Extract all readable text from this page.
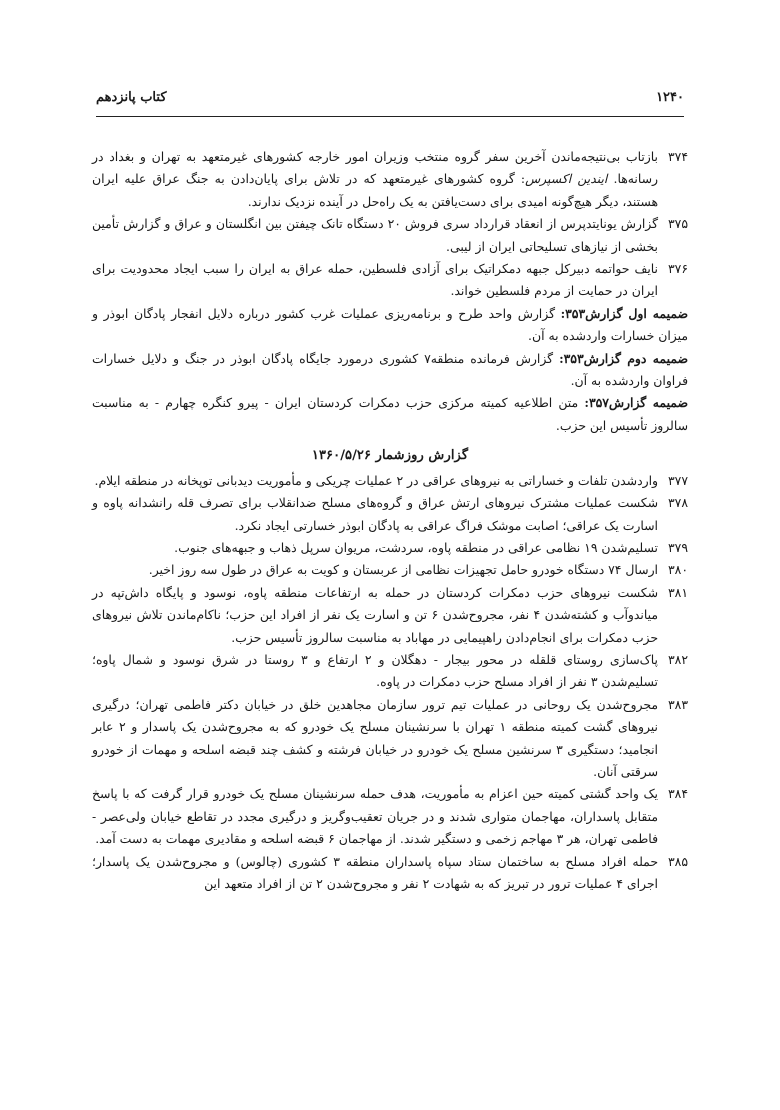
۱۲۴۰
کتاب پانزدهم
۳۷۴
بازتاب بی‌نتیجه‌ماندن آخرین سفر گروه منتخب وزیران امور خارجه کشورهای غیرمتعهد به تهران و بغداد در رسانه‌ها. ایندین اکسپرس: گروه کشورهای غیرمتعهد که در تلاش برای پایان‌دادن به جنگ عراق علیه ایران هستند، دیگر هیچ‌گونه امیدی برای دست‌یافتن به یک راه‌حل در آینده نزدیک ندارند.
۳۷۵
گزارش یونایتدپرس از انعقاد قرارداد سری فروش ۲۰ دستگاه تانک چیفتن بین انگلستان و عراق و گزارش تأمین بخشی از نیازهای تسلیحاتی ایران از لیبی.
۳۷۶
نایف حواتمه دبیرکل جبهه دمکراتیک برای آزادی فلسطین، حمله عراق به ایران را سبب ایجاد محدودیت برای ایران در حمایت از مردم فلسطین خواند.
ضمیمه اول گزارش۳۵۳: گزارش واحد طرح و برنامه‌ریزی عملیات غرب کشور درباره دلایل انفجار پادگان ابوذر و میزان خسارات واردشده به آن.
ضمیمه دوم گزارش۳۵۳: گزارش فرمانده منطقه۷ کشوری درمورد جایگاه پادگان ابوذر در جنگ و دلایل خسارات فراوان واردشده به آن.
ضمیمه گزارش۳۵۷: متن اطلاعیه کمیته مرکزی حزب دمکرات کردستان ایران - پیرو کنگره چهارم - به مناسبت سالروز تأسیس این حزب.
گزارش روزشمار ۱۳۶۰/۵/۲۶
۳۷۷
واردشدن تلفات و خساراتی به نیروهای عراقی در ۲ عملیات چریکی و مأموریت دیدبانی توپخانه در منطقه ایلام.
۳۷۸
شکست عملیات مشترک نیروهای ارتش عراق و گروه‌های مسلح ضدانقلاب برای تصرف قله رانشدانه پاوه و اسارت یک عراقی؛ اصابت موشک فراگ عراقی به پادگان ابوذر خسارتی ایجاد نکرد.
۳۷۹
تسلیم‌شدن ۱۹ نظامی عراقی در منطقه پاوه، سردشت، مریوان سرپل ذهاب و جبهه‌های جنوب.
۳۸۰
ارسال ۷۴ دستگاه خودرو حامل تجهیزات نظامی از عربستان و کویت به عراق در طول سه روز اخیر.
۳۸۱
شکست نیروهای حزب دمکرات کردستان در حمله به ارتفاعات منطقه پاوه، نوسود و پایگاه داش‌تپه در میاندوآب و کشته‌شدن ۴ نفر، مجروح‌شدن ۶ تن و اسارت یک نفر از افراد این حزب؛ ناکام‌ماندن تلاش نیروهای حزب دمکرات برای انجام‌دادن راهپیمایی در مهاباد به مناسبت سالروز تأسیس حزب.
۳۸۲
پاک‌سازی روستای قلقله در محور بیجار - دهگلان و ۲ ارتفاع و ۳ روستا در شرق نوسود و شمال پاوه؛ تسلیم‌شدن ۳ نفر از افراد مسلح حزب دمکرات در پاوه.
۳۸۳
مجروح‌شدن یک روحانی در عملیات تیم ترور سازمان مجاهدین خلق در خیابان دکتر فاطمی تهران؛ درگیری نیروهای گشت کمیته منطقه ۱ تهران با سرنشینان مسلح یک خودرو که به مجروح‌شدن یک پاسدار و ۲ عابر انجامید؛ دستگیری ۳ سرنشین مسلح یک خودرو در خیابان فرشته و کشف چند قبضه اسلحه و مهمات از خودرو سرقتی آنان.
۳۸۴
یک واحد گشتی کمیته حین اعزام به مأموریت، هدف حمله سرنشینان مسلح یک خودرو قرار گرفت که با پاسخ متقابل پاسداران، مهاجمان متواری شدند و در جریان تعقیب‌وگریز و درگیری مجدد در تقاطع خیابان ولی‌عصر - فاطمی تهران، هر ۳ مهاجم زخمی و دستگیر شدند. از مهاجمان ۶ قبضه اسلحه و مقادیری مهمات به دست آمد.
۳۸۵
حمله افراد مسلح به ساختمان ستاد سپاه پاسداران منطقه ۳ کشوری (چالوس) و مجروح‌شدن یک پاسدار؛ اجرای ۴ عملیات ترور در تبریز که به شهادت ۲ نفر و مجروح‌شدن ۲ تن از افراد متعهد این
